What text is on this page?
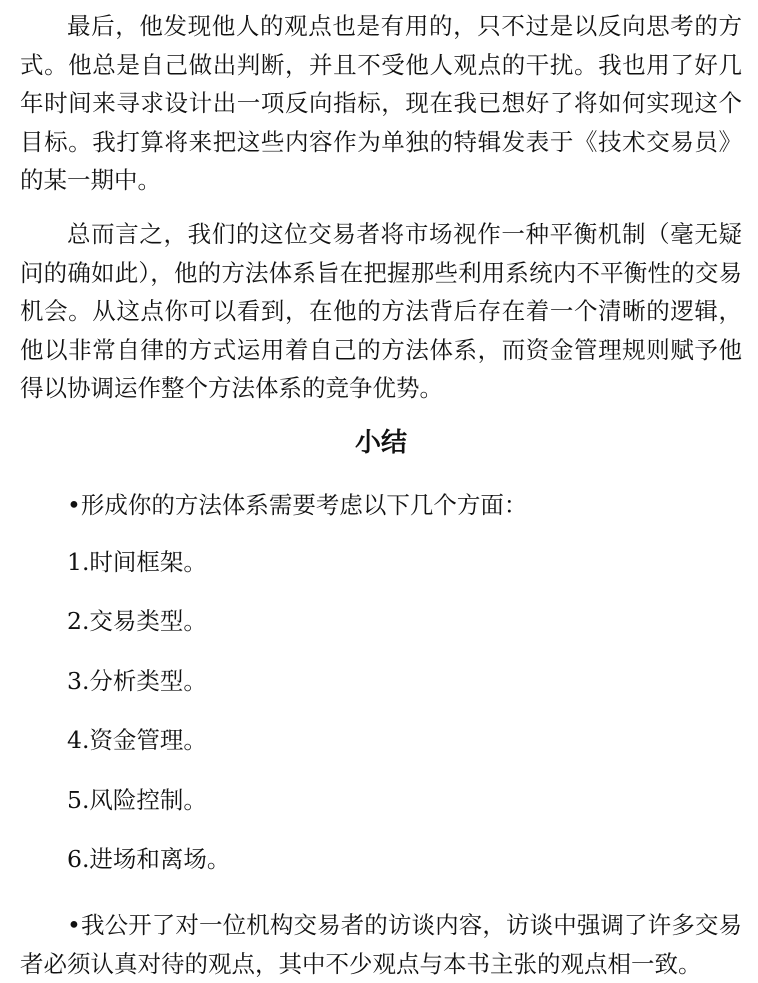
最后，他发现他人的观点也是有用的，只不过是以反向思考的方式。他总是自己做出判断，并且不受他人观点的干扰。我也用了好几年时间来寻求设计出一项反向指标，现在我已想好了将如何实现这个目标。我打算将来把这些内容作为单独的特辑发表于《技术交易员》的某一期中。

总而言之，我们的这位交易者将市场视作一种平衡机制（毫无疑问的确如此），他的方法体系旨在把握那些利用系统内不平衡性的交易机会。从这点你可以看到，在他的方法背后存在着一个清晰的逻辑，他以非常自律的方式运用着自己的方法体系，而资金管理规则赋予他得以协调运作整个方法体系的竞争优势。

小结

•形成你的方法体系需要考虑以下几个方面：

1.时间框架。
2.交易类型。
3.分析类型。
4.资金管理。
5.风险控制。
6.进场和离场。

•我公开了对一位机构交易者的访谈内容，访谈中强调了许多交易者必须认真对待的观点，其中不少观点与本书主张的观点相一致。
